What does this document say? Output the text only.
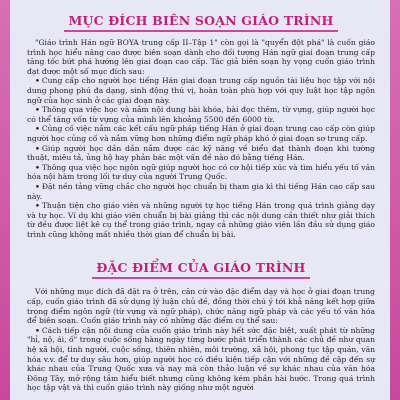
MỤC ĐÍCH BIÊN SOẠN GIÁO TRÌNH

"Giáo trình Hán ngữ BOYA trung cấp II–Tập 1" còn gọi là "quyển đột phá" là cuốn giáo trình học hiểu nâng cao được biên soạn dành cho đối tượng Hán ngữ giai đoạn trung cấp tăng tốc bứt phá hướng lên giai đoạn cao cấp. Tác giả biên soạn hy vọng cuốn giáo trình đạt được một số mục đích sau:

• Cung cấp cho người học tiếng Hán giai đoạn trung cấp nguồn tài liệu học tập với nội dung phong phú đa dạng, sinh động thú vị, hoàn toàn phù hợp với quy luật học tập ngôn ngữ của học sinh ở các giai đoạn này.

• Thông qua việc học và nắm nội dung bài khóa, bài đọc thêm, từ vựng, giúp người học có thể tăng vốn từ vựng của mình lên khoảng 5500 đến 6000 từ.

• Củng cố việc nắm các kết cấu ngữ pháp tiếng Hán ở giai đoạn trung cao cấp còn giúp người học củng cố và nắm vững hơn những điểm ngữ pháp khó ở giai đoạn sơ trung cấp.

• Giúp người học dần dần nắm được các kỹ năng về biểu đạt thành đoạn khi tường thuật, miêu tả, ủng hộ hay phản bác một vấn đề nào đó bằng tiếng Hán.

• Thông qua việc học ngôn ngữ giúp người học có cơ hội tiếp xúc và tìm hiểu yếu tố văn hóa nội hàm trong lối tư duy của người Trung Quốc.

• Đặt nền tảng vững chắc cho người học chuẩn bị tham gia kì thi tiếng Hán cao cấp sau này.

• Thuận tiện cho giáo viên và những người tự học tiếng Hán trong quá trình giảng dạy và tự học. Ví dụ khi giáo viên chuẩn bị bài giảng thì các nội dung cần thiết như giải thích từ đều được liệt kê cụ thể trong giáo trình, ngay cả những giáo viên lần đầu sử dụng giáo trình cũng không mất nhiều thời gian để chuẩn bị bài.

ĐẶC ĐIỂM CỦA GIÁO TRÌNH

Với những mục đích đã đặt ra ở trên, căn cứ vào đặc điểm dạy và học ở giai đoạn trung cấp, cuốn giáo trình đã sử dụng lý luận chủ đề, đồng thời chú ý tới khả năng kết hợp giữa trọng điểm ngôn ngữ (từ vựng và ngữ pháp), chức năng ngữ pháp và các yếu tố văn hóa để biên soạn. Cuốn giáo trình này có những đặc điểm cụ thể sau:

• Cách tiếp cận nội dung của cuốn giáo trình này hết sức đặc biệt, xuất phát từ những "hỉ, nộ, ái, ố" trong cuộc sống hàng ngày từng bước phát triển thành các chủ đề như quan hệ xã hội, tình người, cuộc sống, thiên nhiên, môi trường, xã hội, phong tục tập quán, văn hóa v.v. để tư duy sâu hơn, giúp người học có điều kiện tiếp cận với những đề cập đến sự khác nhau của Trung Quốc xưa và nay mà còn thảo luận về sự khác nhau của văn hóa Đông Tây, mở rộng tầm hiểu biết nhưng cũng không kém phần hài hước. Trong quá trình học tập vật và thì cuốn giáo trình này giống như một người
